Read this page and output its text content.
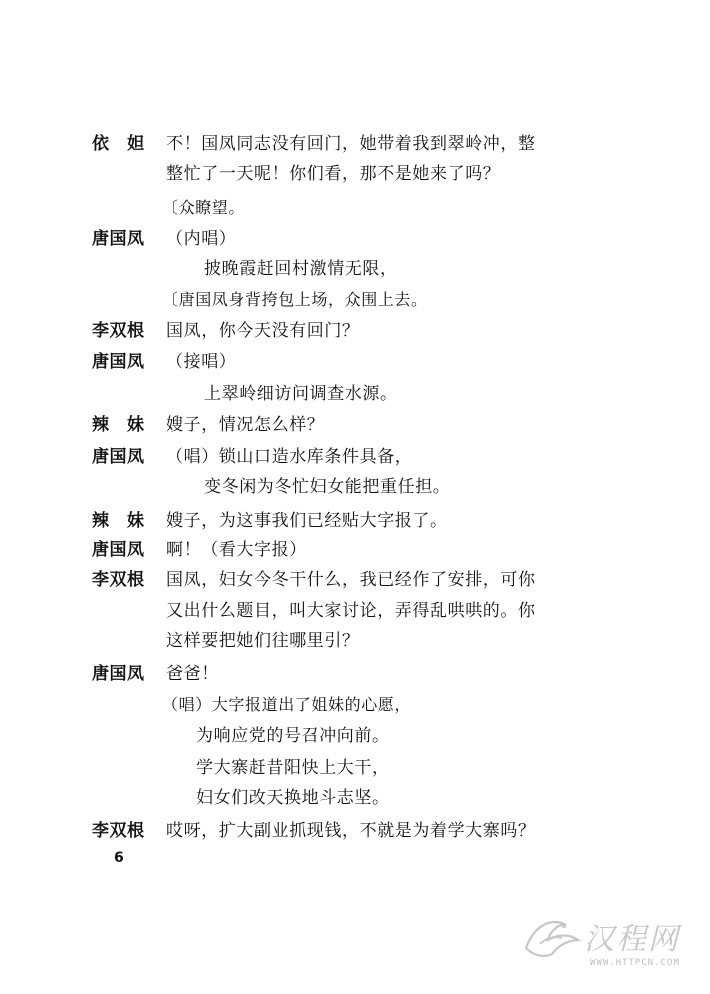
依　妲 不！国凤同志没有回门，她带着我到翠岭冲，整
整忙了一天呢！你们看，那不是她来了吗？
〔众瞭望。
唐国凤 （内唱）
披晚霞赶回村激情无限，
〔唐国凤身背挎包上场，众围上去。
李双根 国凤，你今天没有回门？
唐国凤 （接唱）
上翠岭细访问调查水源。
辣　妹 嫂子，情况怎么样？
唐国凤 （唱）锁山口造水库条件具备，
变冬闲为冬忙妇女能把重任担。
辣　妹 嫂子，为这事我们已经贴大字报了。
唐国凤 啊！（看大字报）
李双根 国凤，妇女今冬干什么，我已经作了安排，可你
又出什么题目，叫大家讨论，弄得乱哄哄的。你
这样要把她们往哪里引？
唐国凤 爸爸！
（唱）大字报道出了姐妹的心愿，
为响应党的号召冲向前。
学大寨赶昔阳快上大干，
妇女们改天换地斗志坚。
李双根 哎呀，扩大副业抓现钱，不就是为着学大寨吗？
6
汉程网
WWW.HTTPCN.COM
